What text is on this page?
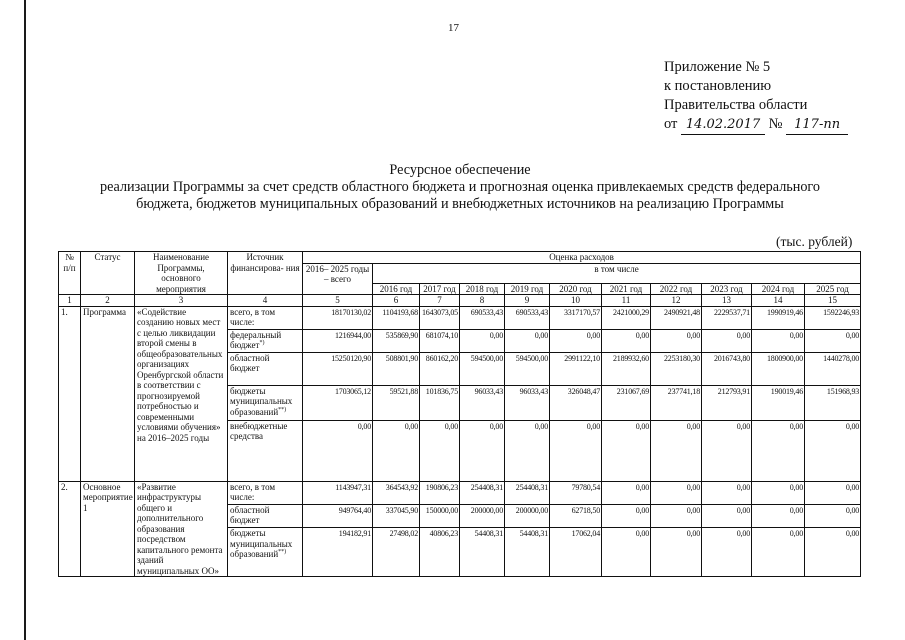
17
Приложение № 5
к постановлению
Правительства области
от 14.02.2017 № 117-пп
Ресурсное обеспечение
реализации Программы за счет средств областного бюджета и прогнозная оценка привлекаемых средств федерального
бюджета, бюджетов муниципальных образований и внебюджетных источников на реализацию Программы
(тыс. рублей)
№ п/п	Статус	Наименование Программы, основного мероприятия	Источник финансирова- ния	Оценка расходов										
				2016– 2025 годы – всего	в том числе									
					2016 год	2017 год	2018 год	2019 год	2020 год	2021 год	2022 год	2023 год	2024 год	2025 год
1	2	3	4	5	6	7	8	9	10	11	12	13	14	15
1.	Программа	«Содействие созданию новых мест с целью ликвидации второй смены в общеобразовательных организациях Оренбургской области в соответствии с прогнозируемой потребностью и современными условиями обучения» на 2016–2025 годы	всего, в том числе:	18170130,02	1104193,68	1643073,05	690533,43	690533,43	3317170,57	2421000,29	2490921,48	2229537,71	1990919,46	1592246,93
			федеральный бюджет*)	1216944,00	535869,90	681074,10	0,00	0,00	0,00	0,00	0,00	0,00	0,00	0,00
			областной бюджет	15250120,90	508801,90	860162,20	594500,00	594500,00	2991122,10	2189932,60	2253180,30	2016743,80	1800900,00	1440278,00
			бюджеты муниципальных образований**)	1703065,12	59521,88	101836,75	96033,43	96033,43	326048,47	231067,69	237741,18	212793,91	190019,46	151968,93
			внебюджетные средства	0,00	0,00	0,00	0,00	0,00	0,00	0,00	0,00	0,00	0,00	0,00
2.	Основное мероприятие 1	«Развитие инфраструктуры общего и дополнительного образования посредством капитального ремонта зданий муниципальных ОО»	всего, в том числе:	1143947,31	364543,92	190806,23	254408,31	254408,31	79780,54	0,00	0,00	0,00	0,00	0,00
			областной бюджет	949764,40	337045,90	150000,00	200000,00	200000,00	62718,50	0,00	0,00	0,00	0,00	0,00
			бюджеты муниципальных образований**)	194182,91	27498,02	40806,23	54408,31	54408,31	17062,04	0,00	0,00	0,00	0,00	0,00
